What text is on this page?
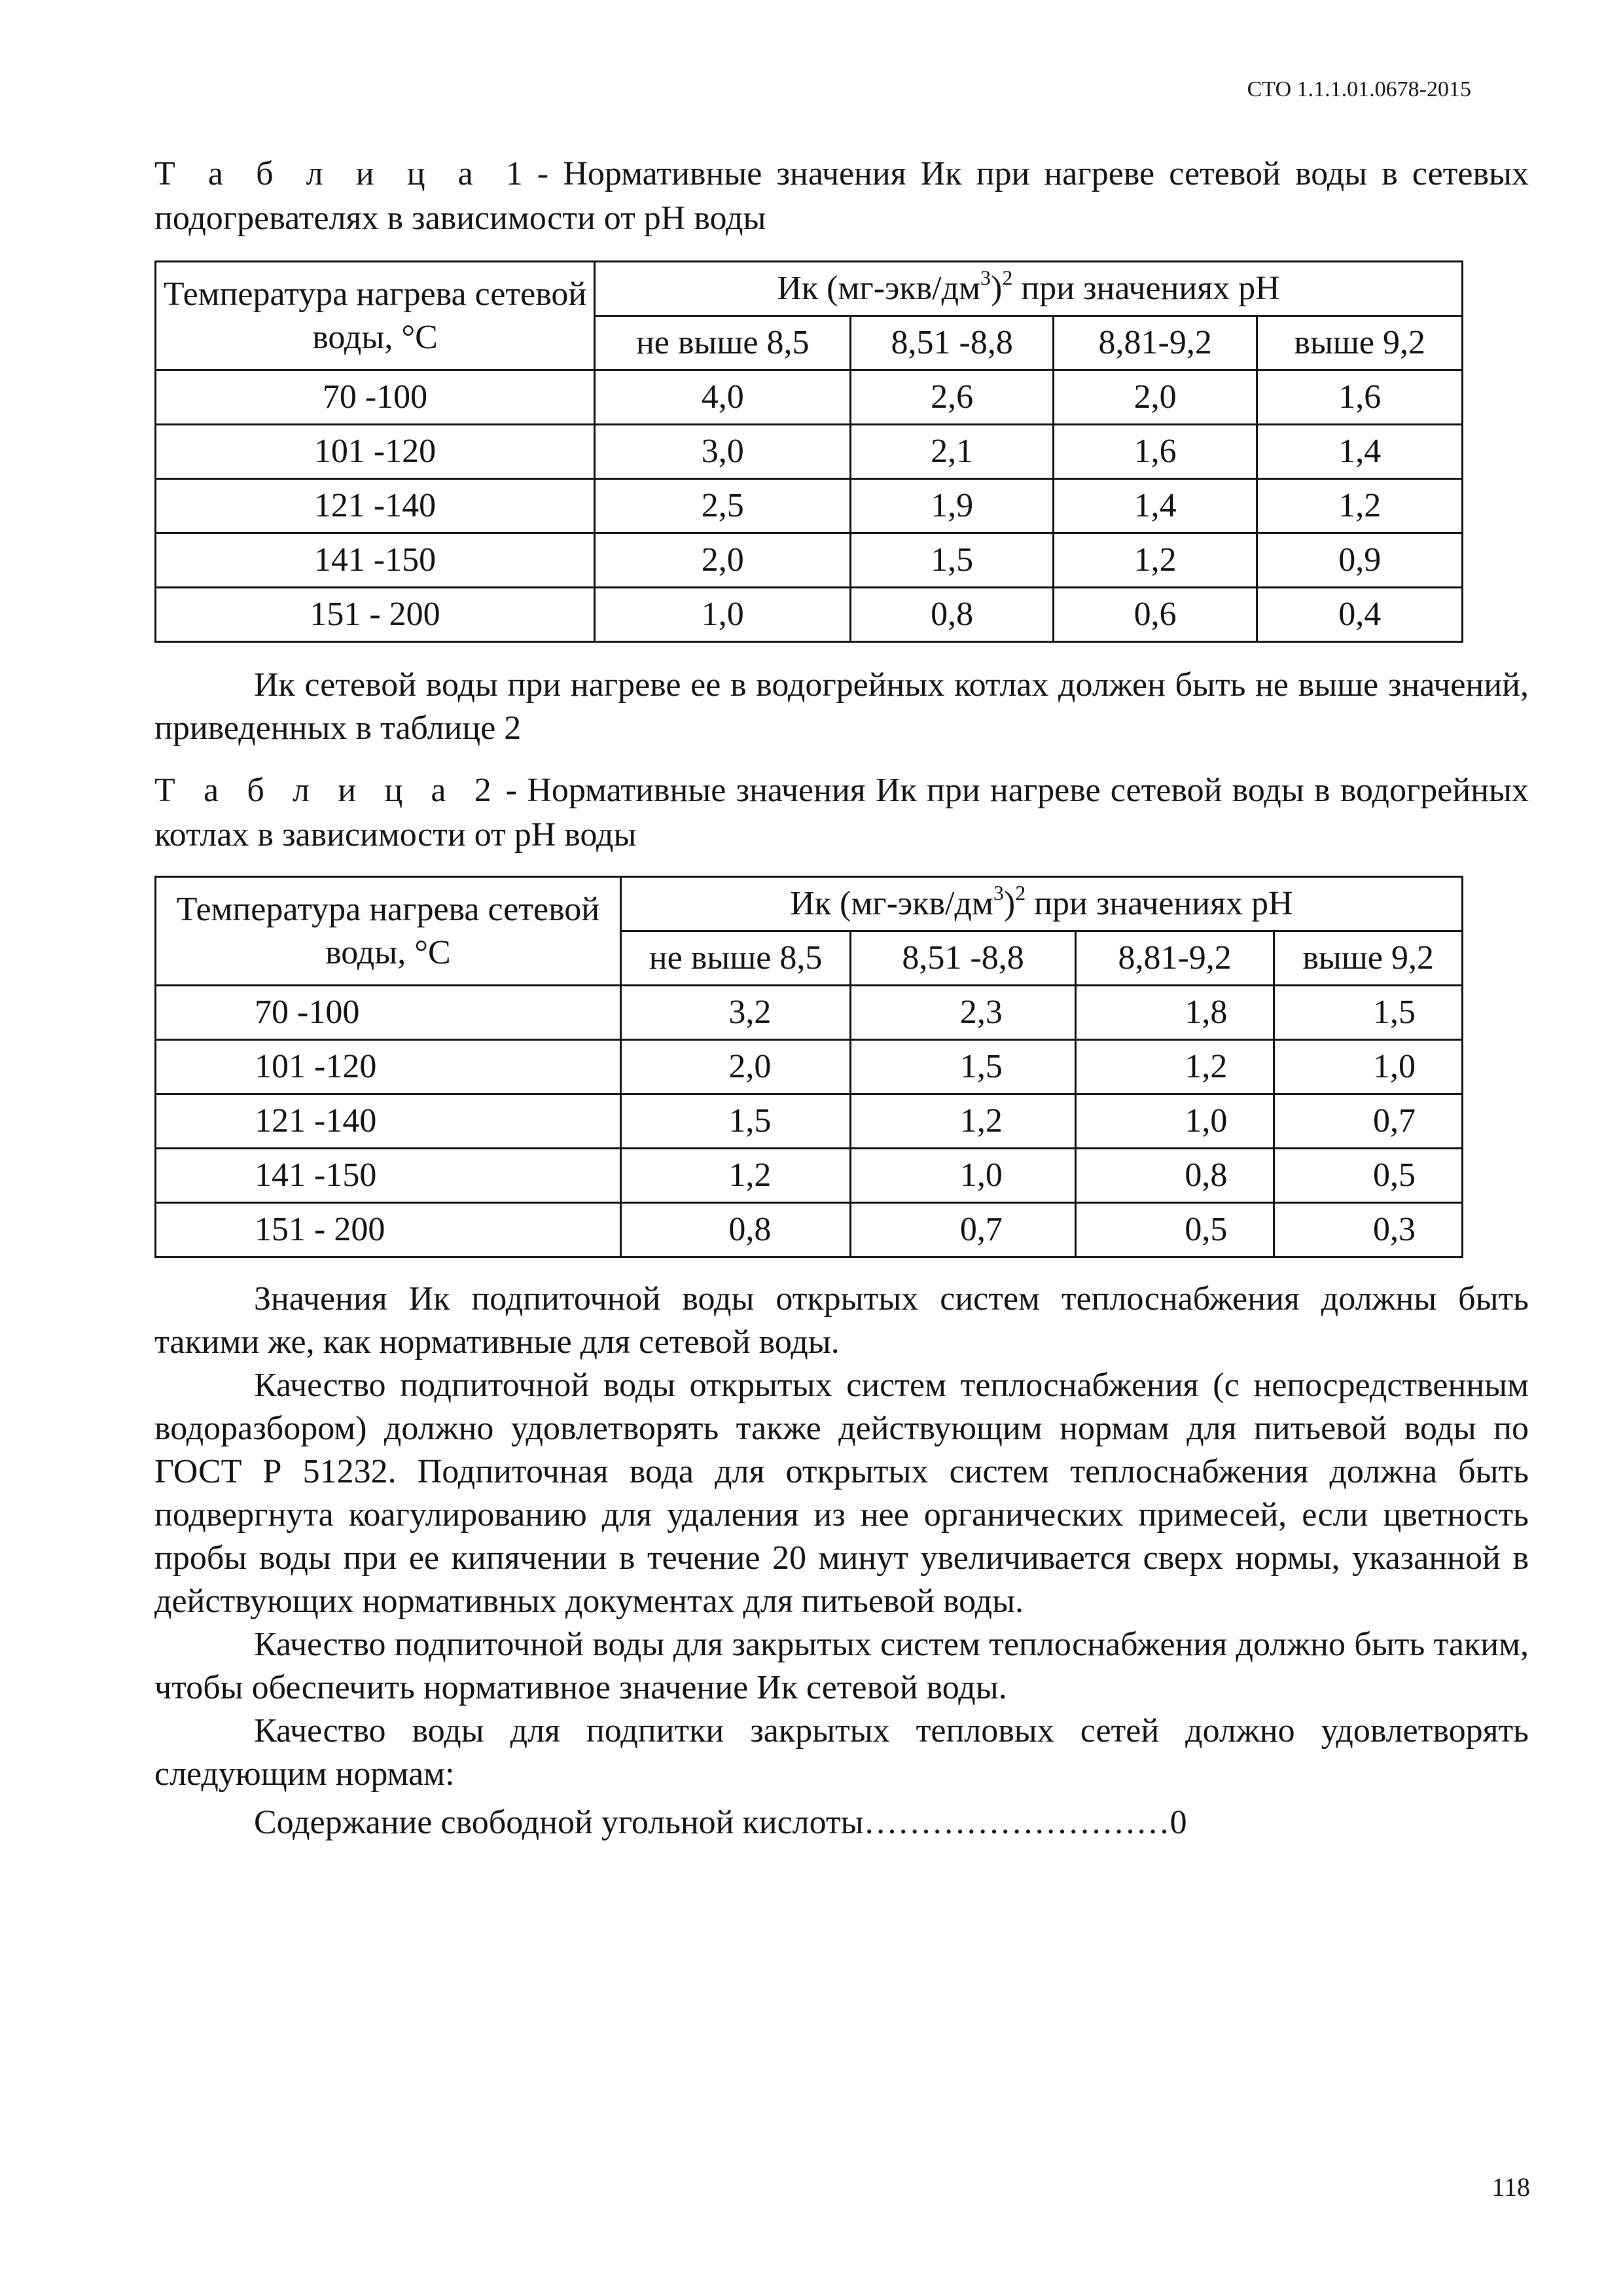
СТО 1.1.1.01.0678-2015

Т а б л и ц а 1 - Нормативные значения Ик при нагреве сетевой воды в сетевых подогревателях в зависимости от рН воды

Температура нагрева сетевой воды, °С	Ик $(мг-экв/дм^3)^2$ при значениях рН			
	не выше 8,5	8,51 -8,8	8,81-9,2	выше 9,2
70 -100	4,0	2,6	2,0	1,6
101 -120	3,0	2,1	1,6	1,4
121 -140	2,5	1,9	1,4	1,2
141 -150	2,0	1,5	1,2	0,9
151 - 200	1,0	0,8	0,6	0,4

Ик сетевой воды при нагреве ее в водогрейных котлах должен быть не выше значений, приведенных в таблице 2

Т а б л и ц а 2 - Нормативные значения Ик при нагреве сетевой воды в водогрейных котлах в зависимости от рН воды

Температура нагрева сетевой воды, °С	Ик $(мг-экв/дм^3)^2$ при значениях рН			
	не выше 8,5	8,51 -8,8	8,81-9,2	выше 9,2
70 -100	3,2	2,3	1,8	1,5
101 -120	2,0	1,5	1,2	1,0
121 -140	1,5	1,2	1,0	0,7
141 -150	1,2	1,0	0,8	0,5
151 - 200	0,8	0,7	0,5	0,3

Значения Ик подпиточной воды открытых систем теплоснабжения должны быть такими же, как нормативные для сетевой воды.

Качество подпиточной воды открытых систем теплоснабжения (с непосредственным водоразбором) должно удовлетворять также действующим нормам для питьевой воды по ГОСТ Р 51232. Подпиточная вода для открытых систем теплоснабжения должна быть подвергнута коагулированию для удаления из нее органических примесей, если цветность пробы воды при ее кипячении в течение 20 минут увеличивается сверх нормы, указанной в действующих нормативных документах для питьевой воды.

Качество подпиточной воды для закрытых систем теплоснабжения должно быть таким, чтобы обеспечить нормативное значение Ик сетевой воды.

Качество воды для подпитки закрытых тепловых сетей должно удовлетворять следующим нормам:

Содержание свободной угольной кислоты………………………0

118
